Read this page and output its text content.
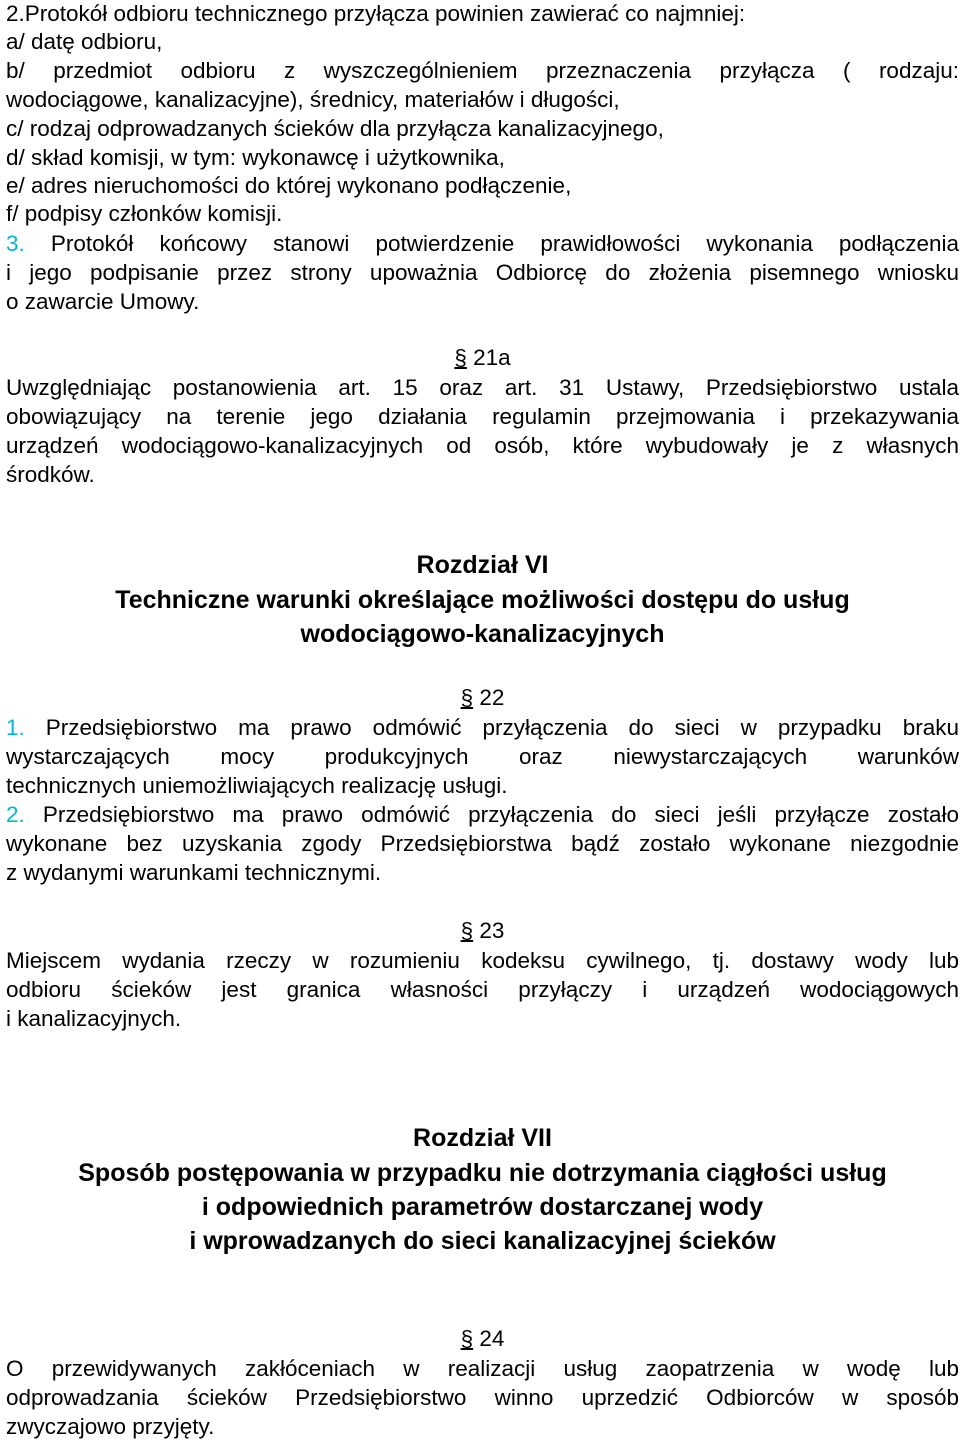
2.Protokół odbioru technicznego przyłącza powinien zawierać co najmniej:
a/ datę odbioru,
b/ przedmiot odbioru z wyszczególnieniem przeznaczenia przyłącza ( rodzaju:
wodociągowe, kanalizacyjne), średnicy, materiałów i długości,
c/ rodzaj odprowadzanych ścieków dla przyłącza kanalizacyjnego,
d/ skład komisji, w tym: wykonawcę i użytkownika,
e/ adres nieruchomości do której wykonano podłączenie,
f/ podpisy członków komisji.
3. Protokół końcowy stanowi potwierdzenie prawidłowości wykonania podłączenia
i jego podpisanie przez strony upoważnia Odbiorcę do złożenia pisemnego wniosku
o zawarcie Umowy.
§ 21a
Uwzględniając postanowienia art. 15 oraz art. 31 Ustawy, Przedsiębiorstwo ustala
obowiązujący na terenie jego działania regulamin przejmowania i przekazywania
urządzeń wodociągowo-kanalizacyjnych od osób, które wybudowały je z własnych
środków.
Rozdział VI
Techniczne warunki określające możliwości dostępu do usług
wodociągowo-kanalizacyjnych
§ 22
1. Przedsiębiorstwo ma prawo odmówić przyłączenia do sieci w przypadku braku
wystarczających mocy produkcyjnych oraz niewystarczających warunków
technicznych uniemożliwiających realizację usługi.
2. Przedsiębiorstwo ma prawo odmówić przyłączenia do sieci jeśli przyłącze zostało
wykonane bez uzyskania zgody Przedsiębiorstwa bądź zostało wykonane niezgodnie
z wydanymi warunkami technicznymi.
§ 23
Miejscem wydania rzeczy w rozumieniu kodeksu cywilnego, tj. dostawy wody lub
odbioru ścieków jest granica własności przyłączy i urządzeń wodociągowych
i kanalizacyjnych.
Rozdział VII
Sposób postępowania w przypadku nie dotrzymania ciągłości usług
i odpowiednich parametrów dostarczanej wody
i wprowadzanych do sieci kanalizacyjnej ścieków
§ 24
O przewidywanych zakłóceniach w realizacji usług zaopatrzenia w wodę lub
odprowadzania ścieków Przedsiębiorstwo winno uprzedzić Odbiorców w sposób
zwyczajowo przyjęty.
